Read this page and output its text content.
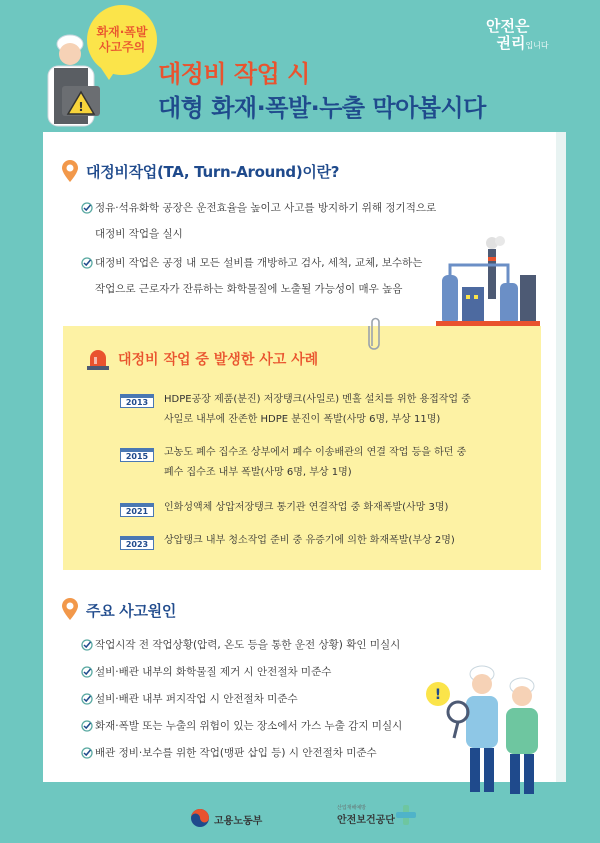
!
화재·폭발
사고주의
대정비 작업 시
대형 화재·폭발·누출 막아봅시다
안전은
권리입니다
대정비작업(TA, Turn-Around)이란?
정유·석유화학 공장은 운전효율을 높이고 사고를 방지하기 위해 정기적으로
대정비 작업을 실시
대정비 작업은 공정 내 모든 설비를 개방하고 검사, 세척, 교체, 보수하는
작업으로 근로자가 잔류하는 화학물질에 노출될 가능성이 매우 높음
대정비 작업 중 발생한 사고 사례
2013	HDPE공장 제품(분진) 저장탱크(사일로) 멘홀 설치를 위한 용접작업 중
사일로 내부에 잔존한 HDPE 분진이 폭발(사망 6명, 부상 11명)
2015	고농도 폐수 집수조 상부에서 폐수 이송배관의 연결 작업 등을 하던 중
폐수 집수조 내부 폭발(사망 6명, 부상 1명)
2021	인화성액체 상압저장탱크 통기관 연결작업 중 화재폭발(사망 3명)
2023	상압탱크 내부 청소작업 준비 중 유증기에 의한 화재폭발(부상 2명)
주요 사고원인
작업시작 전 작업상황(압력, 온도 등을 통한 운전 상황) 확인 미실시
설비·배관 내부의 화학물질 제거 시 안전절차 미준수
설비·배관 내부 퍼지작업 시 안전절차 미준수
화재·폭발 또는 누출의 위험이 있는 장소에서 가스 누출 감지 미실시
배관 정비·보수를 위한 작업(맹판 삽입 등) 시 안전절차 미준수
!
고용노동부
산업재해예방
안전보건공단
